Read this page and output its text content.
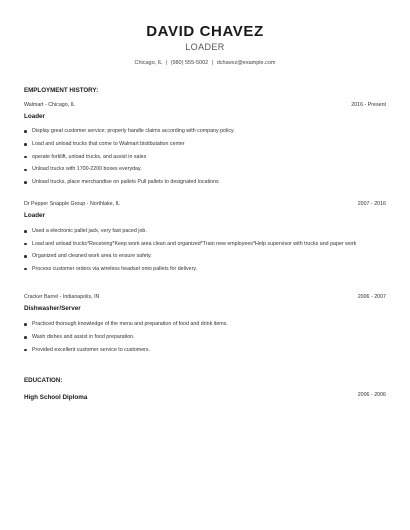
DAVID CHAVEZ
LOADER
Chicago, IL | (980) 555-5002 | dchavez@example.com
EMPLOYMENT HISTORY:
Walmart - Chicago, IL	2016 - Present
Loader
Display great customer service; properly handle claims according with company policy.
Load and unload trucks that come to Walmart bistibutation center
operate forklift, unload trucks, and assist in sales
Unload trucks with 1700-2200 boxes everyday.
Unload trucks, place merchandise on pallets Pull pallets to designated locations
Dr Pepper Snapple Group - Northlake, IL	2007 - 2016
Loader
Used a electronic pallet jack, very fast paced job.
Load and unload trucks*Receiving*Keep work area clean and organized*Train new employees*Help supervisor with trucks and paper work
Organized and cleaned work area to ensure safety.
Process customer orders via wireless headset onto pallets for delivery.
Cracker Barrel - Indianapolis, IN	2006 - 2007
Dishwasher/Server
Practiced thorough knowledge of the menu and preparation of food and drink items.
Wash dishes and assist in food preparation.
Provided excellent customer service to customers.
EDUCATION:
High School Diploma	2006 - 2006
